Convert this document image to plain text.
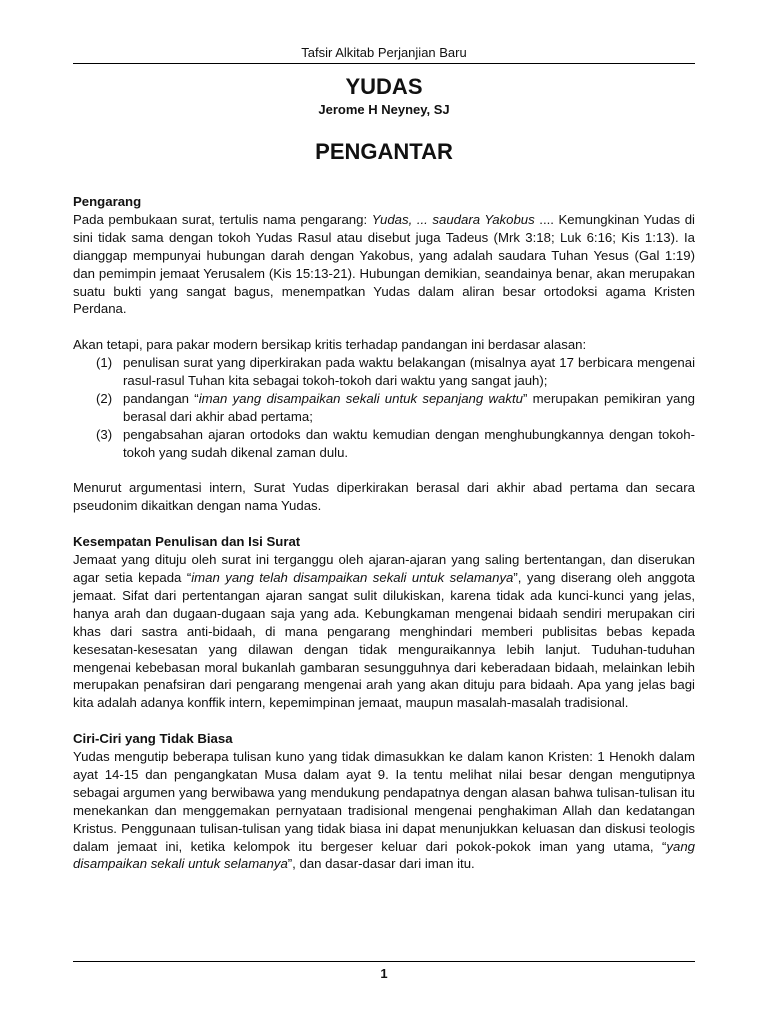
Tafsir Alkitab Perjanjian Baru
YUDAS
Jerome H Neyney, SJ
PENGANTAR
Pengarang

Pada pembukaan surat, tertulis nama pengarang: Yudas, ... saudara Yakobus .... Kemungkinan Yudas di sini tidak sama dengan tokoh Yudas Rasul atau disebut juga Tadeus (Mrk 3:18; Luk 6:16; Kis 1:13). Ia dianggap mempunyai hubungan darah dengan Yakobus, yang adalah saudara Tuhan Yesus (Gal 1:19) dan pemimpin jemaat Yerusalem (Kis 15:13-21). Hubungan demikian, seandainya benar, akan merupakan suatu bukti yang sangat bagus, menempatkan Yudas dalam aliran besar ortodoksi agama Kristen Perdana.

Akan tetapi, para pakar modern bersikap kritis terhadap pandangan ini berdasar alasan:

(1) penulisan surat yang diperkirakan pada waktu belakangan (misalnya ayat 17 berbicara mengenai rasul-rasul Tuhan kita sebagai tokoh-tokoh dari waktu yang sangat jauh);
(2) pandangan “iman yang disampaikan sekali untuk sepanjang waktu” merupakan pemikiran yang berasal dari akhir abad pertama;
(3) pengabsahan ajaran ortodoks dan waktu kemudian dengan menghubungkannya dengan tokoh-tokoh yang sudah dikenal zaman dulu.

Menurut argumentasi intern, Surat Yudas diperkirakan berasal dari akhir abad pertama dan secara pseudonim dikaitkan dengan nama Yudas.

Kesempatan Penulisan dan Isi Surat

Jemaat yang dituju oleh surat ini terganggu oleh ajaran-ajaran yang saling bertentangan, dan diserukan agar setia kepada “iman yang telah disampaikan sekali untuk selamanya”, yang diserang oleh anggota jemaat. Sifat dari pertentangan ajaran sangat sulit dilukiskan, karena tidak ada kunci-kunci yang jelas, hanya arah dan dugaan-dugaan saja yang ada. Kebungkaman mengenai bidaah sendiri merupakan ciri khas dari sastra anti-bidaah, di mana pengarang menghindari memberi publisitas bebas kepada kesesatan-kesesatan yang dilawan dengan tidak menguraikannya lebih lanjut. Tuduhan-tuduhan mengenai kebebasan moral bukanlah gambaran sesungguhnya dari keberadaan bidaah, melainkan lebih merupakan penafsiran dari pengarang mengenai arah yang akan dituju para bidaah. Apa yang jelas bagi kita adalah adanya konffik intern, kepemimpinan jemaat, maupun masalah-masalah tradisional.

Ciri-Ciri yang Tidak Biasa

Yudas mengutip beberapa tulisan kuno yang tidak dimasukkan ke dalam kanon Kristen: 1 Henokh dalam ayat 14-15 dan pengangkatan Musa dalam ayat 9. Ia tentu melihat nilai besar dengan mengutipnya sebagai argumen yang berwibawa yang mendukung pendapatnya dengan alasan bahwa tulisan-tulisan itu menekankan dan menggemakan pernyataan tradisional mengenai penghakiman Allah dan kedatangan Kristus. Penggunaan tulisan-tulisan yang tidak biasa ini dapat menunjukkan keluasan dan diskusi teologis dalam jemaat ini, ketika kelompok itu bergeser keluar dari pokok-pokok iman yang utama, “yang disampaikan sekali untuk selamanya”, dan dasar-dasar dari iman itu.

1
